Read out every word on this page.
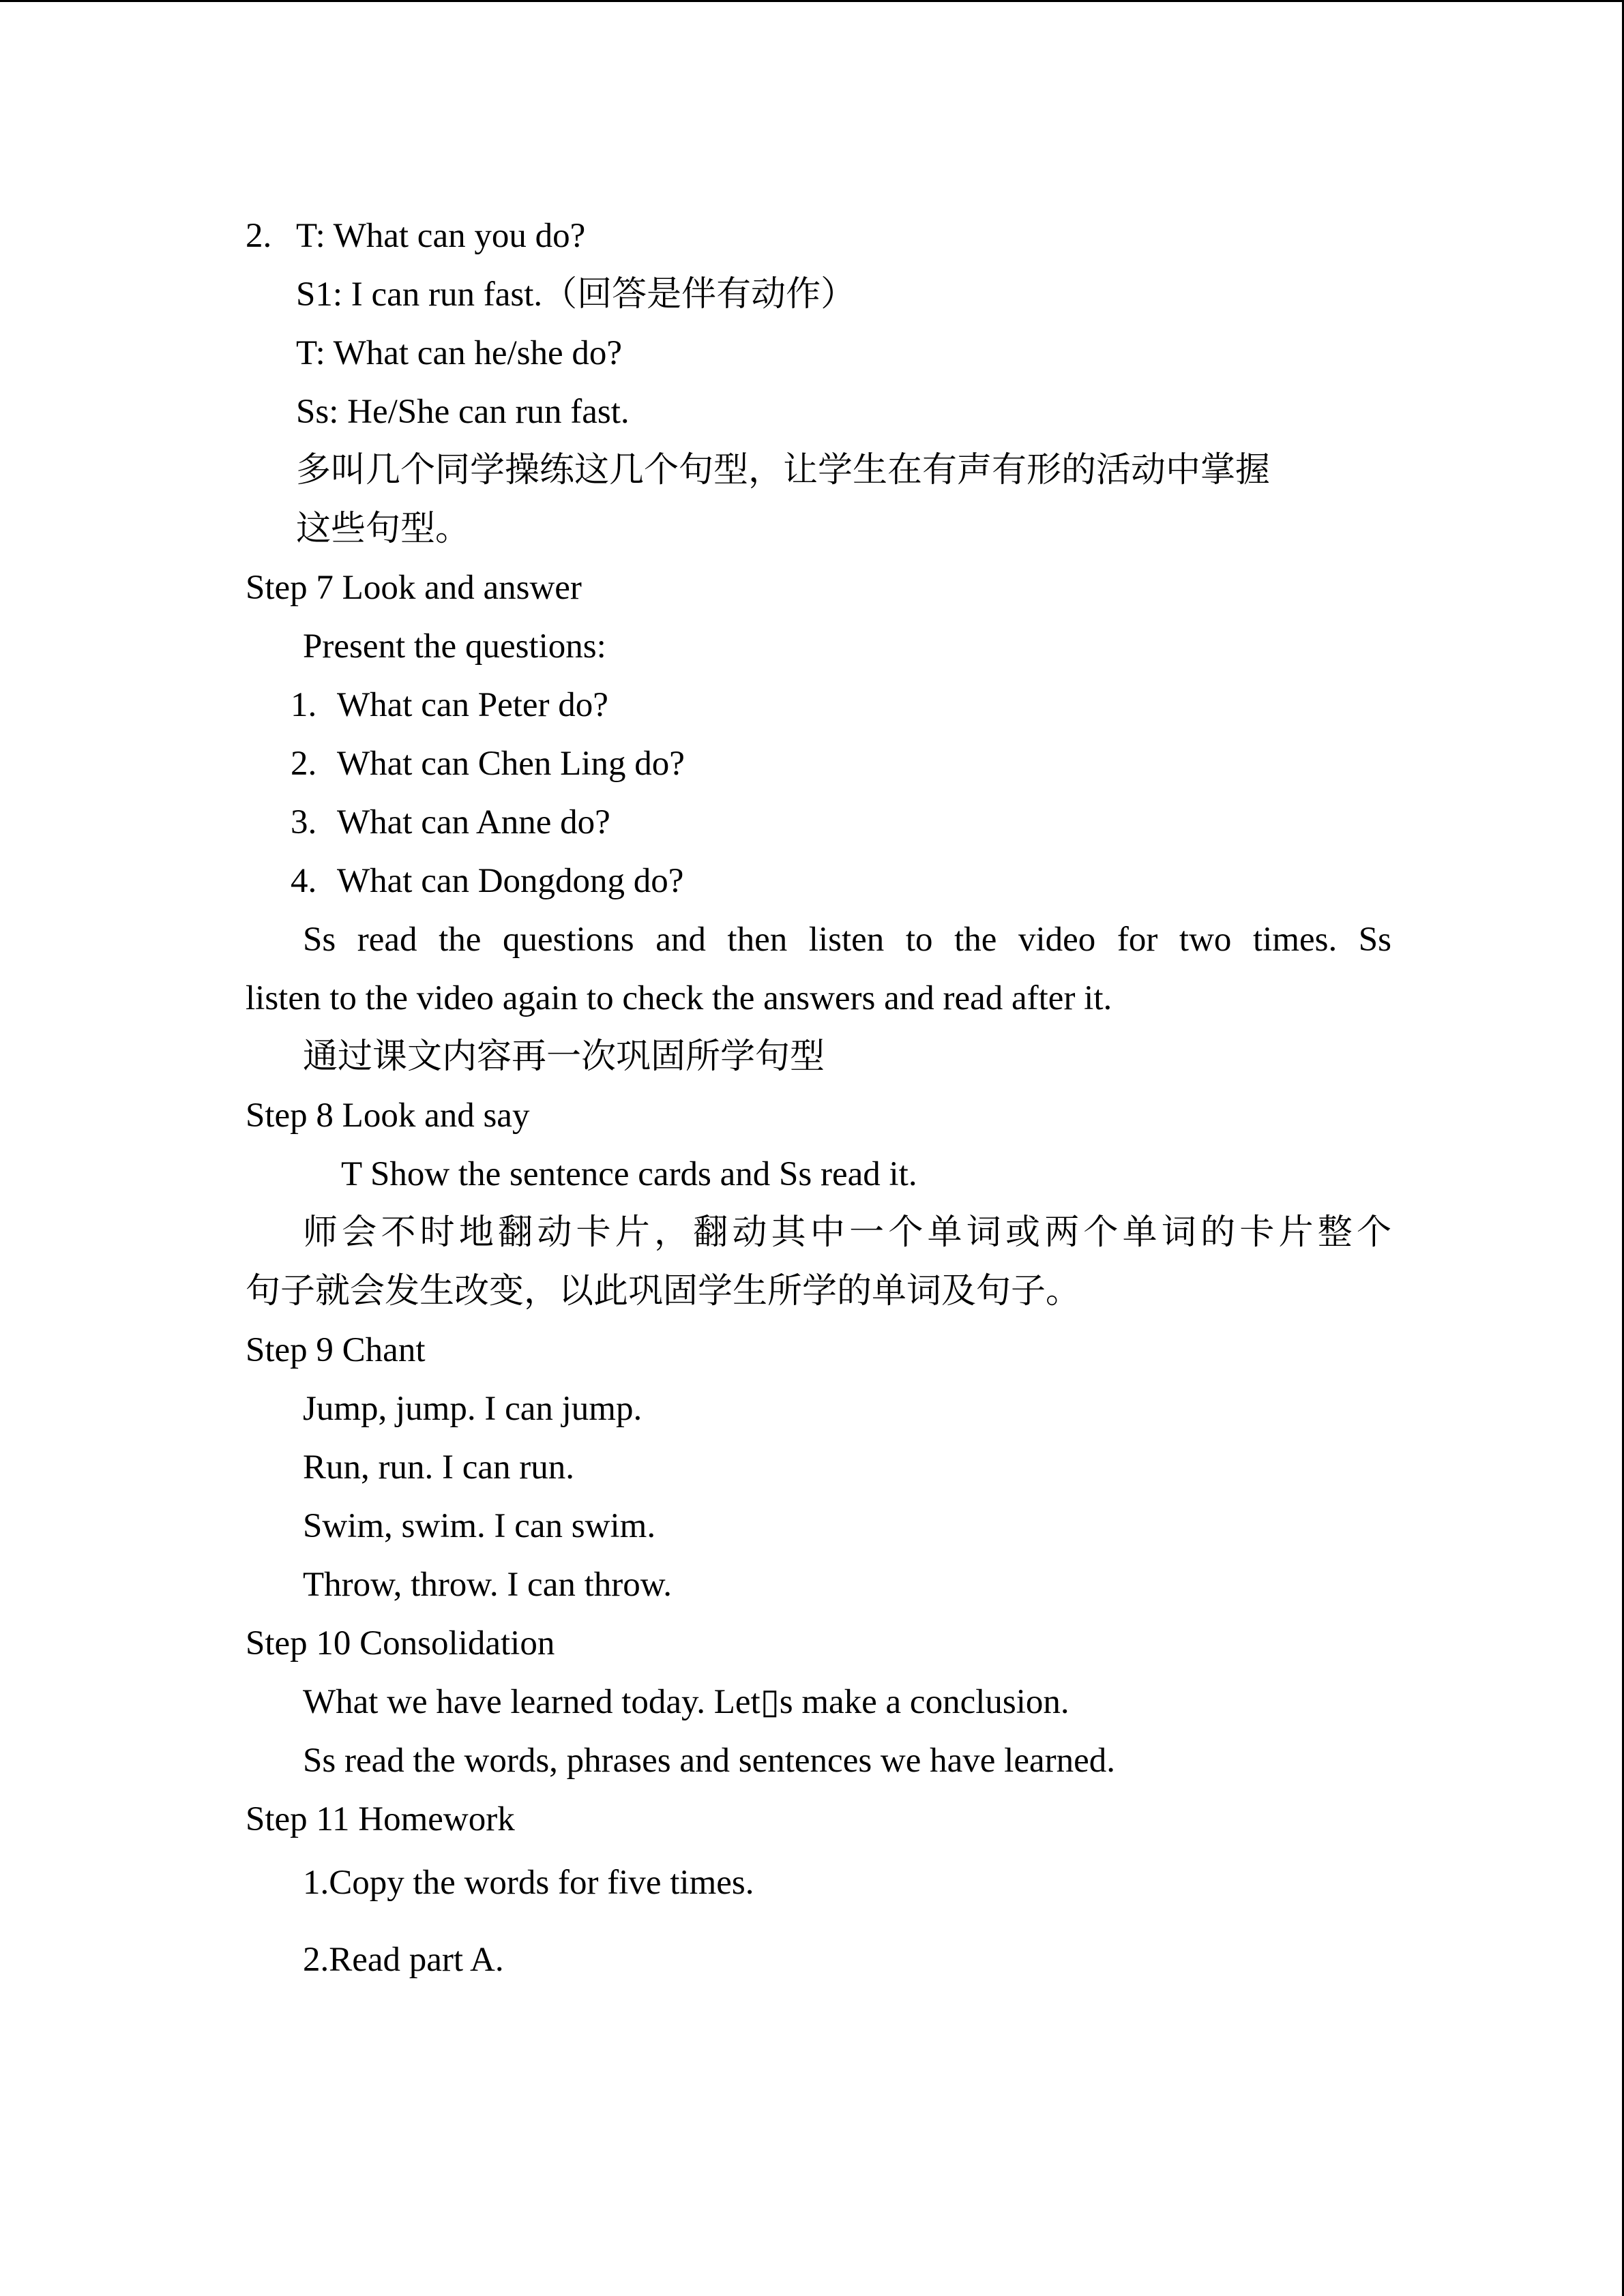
2. T: What can you do?
S1: I can run fast.（回答是伴有动作）
T: What can he/she do?
Ss: He/She can run fast.
多叫几个同学操练这几个句型，让学生在有声有形的活动中掌握
这些句型。
Step 7 Look and answer
Present the questions:
1. What can Peter do?
2. What can Chen Ling do?
3. What can Anne do?
4. What can Dongdong do?
Ss read the questions and then listen to the video for two times. Ss
listen to the video again to check the answers and read after it.
通过课文内容再一次巩固所学句型
Step 8 Look and say
T Show the sentence cards and Ss read it.
师会不时地翻动卡片，翻动其中一个单词或两个单词的卡片整个
句子就会发生改变，以此巩固学生所学的单词及句子。
Step 9 Chant
Jump, jump. I can jump.
Run, run. I can run.
Swim, swim. I can swim.
Throw, throw. I can throw.
Step 10 Consolidation
What we have learned today. Let▯s make a conclusion.
Ss read the words, phrases and sentences we have learned.
Step 11 Homework
1.Copy the words for five times.
2.Read part A.
